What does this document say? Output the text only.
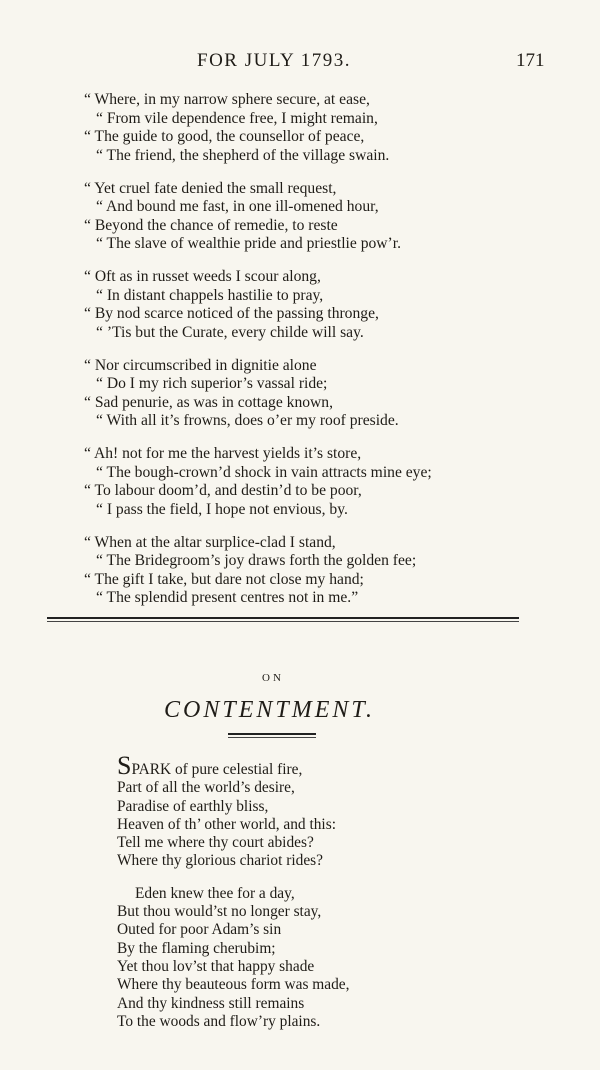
FOR JULY 1793.	171
“ Where, in my narrow sphere secure, at ease,
“ From vile dependence free, I might remain,
“ The guide to good, the counsellor of peace,
“ The friend, the shepherd of the village swain.
“ Yet cruel fate denied the small request,
“ And bound me fast, in one ill-omened hour,
“ Beyond the chance of remedie, to reste
“ The slave of wealthie pride and priestlie pow’r.
“ Oft as in russet weeds I scour along,
“ In distant chappels hastilie to pray,
“ By nod scarce noticed of the passing thronge,
“ ’Tis but the Curate, every childe will say.
“ Nor circumscribed in dignitie alone
“ Do I my rich superior’s vassal ride;
“ Sad penurie, as was in cottage known,
“ With all it’s frowns, does o’er my roof preside.
“ Ah! not for me the harvest yields it’s store,
“ The bough-crown’d shock in vain attracts mine eye;
“ To labour doom’d, and destin’d to be poor,
“ I pass the field, I hope not envious, by.
“ When at the altar surplice-clad I stand,
“ The Bridegroom’s joy draws forth the golden fee;
“ The gift I take, but dare not close my hand;
“ The splendid present centres not in me.”
ON
CONTENTMENT.
SPARK of pure celestial fire,
Part of all the world’s desire,
Paradise of earthly bliss,
Heaven of th’ other world, and this:
Tell me where thy court abides?
Where thy glorious chariot rides?
Eden knew thee for a day,
But thou would’st no longer stay,
Outed for poor Adam’s sin
By the flaming cherubim;
Yet thou lov’st that happy shade
Where thy beauteous form was made,
And thy kindness still remains
To the woods and flow’ry plains.
